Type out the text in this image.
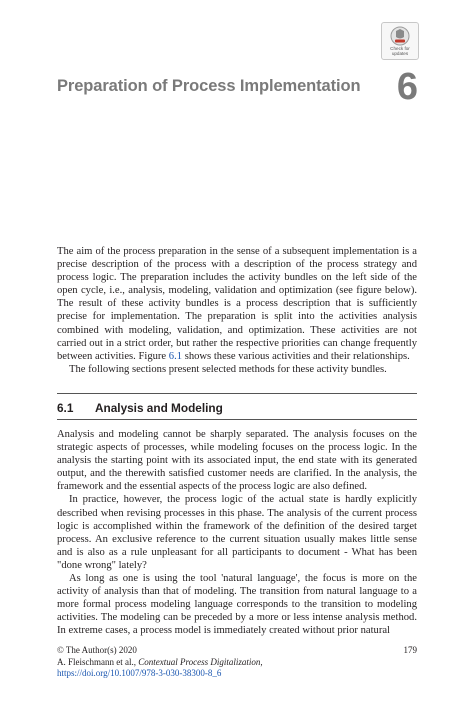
Check for
updates
Preparation of Process Implementation 6

The aim of the process preparation in the sense of a subsequent implementation is a precise description of the process with a description of the process strategy and process logic. The preparation includes the activity bundles on the left side of the open cycle, i.e., analysis, modeling, validation and optimization (see figure below). The result of these activity bundles is a process description that is sufficiently precise for implementation. The preparation is split into the activities analysis combined with modeling, validation, and optimization. These activities are not carried out in a strict order, but rather the respective priorities can change frequently between activities. Figure 6.1 shows these various activities and their relationships.

The following sections present selected methods for these activity bundles.

6.1 Analysis and Modeling

Analysis and modeling cannot be sharply separated. The analysis focuses on the strategic aspects of processes, while modeling focuses on the process logic. In the analysis the starting point with its associated input, the end state with its generated output, and the therewith satisfied customer needs are clarified. In the analysis, the framework and the essential aspects of the process logic are also defined.

In practice, however, the process logic of the actual state is hardly explicitly described when revising processes in this phase. The analysis of the current process logic is accomplished within the framework of the definition of the desired target process. An exclusive reference to the current situation usually makes little sense and is also as a rule unpleasant for all participants to document - What has been "done wrong" lately?

As long as one is using the tool 'natural language', the focus is more on the activity of analysis than that of modeling. The transition from natural language to a more formal process modeling language corresponds to the transition to modeling activities. The modeling can be preceded by a more or less intense analysis method. In extreme cases, a process model is immediately created without prior natural

© The Author(s) 2020
A. Fleischmann et al., Contextual Process Digitalization,
https://doi.org/10.1007/978-3-030-38300-8_6
179
